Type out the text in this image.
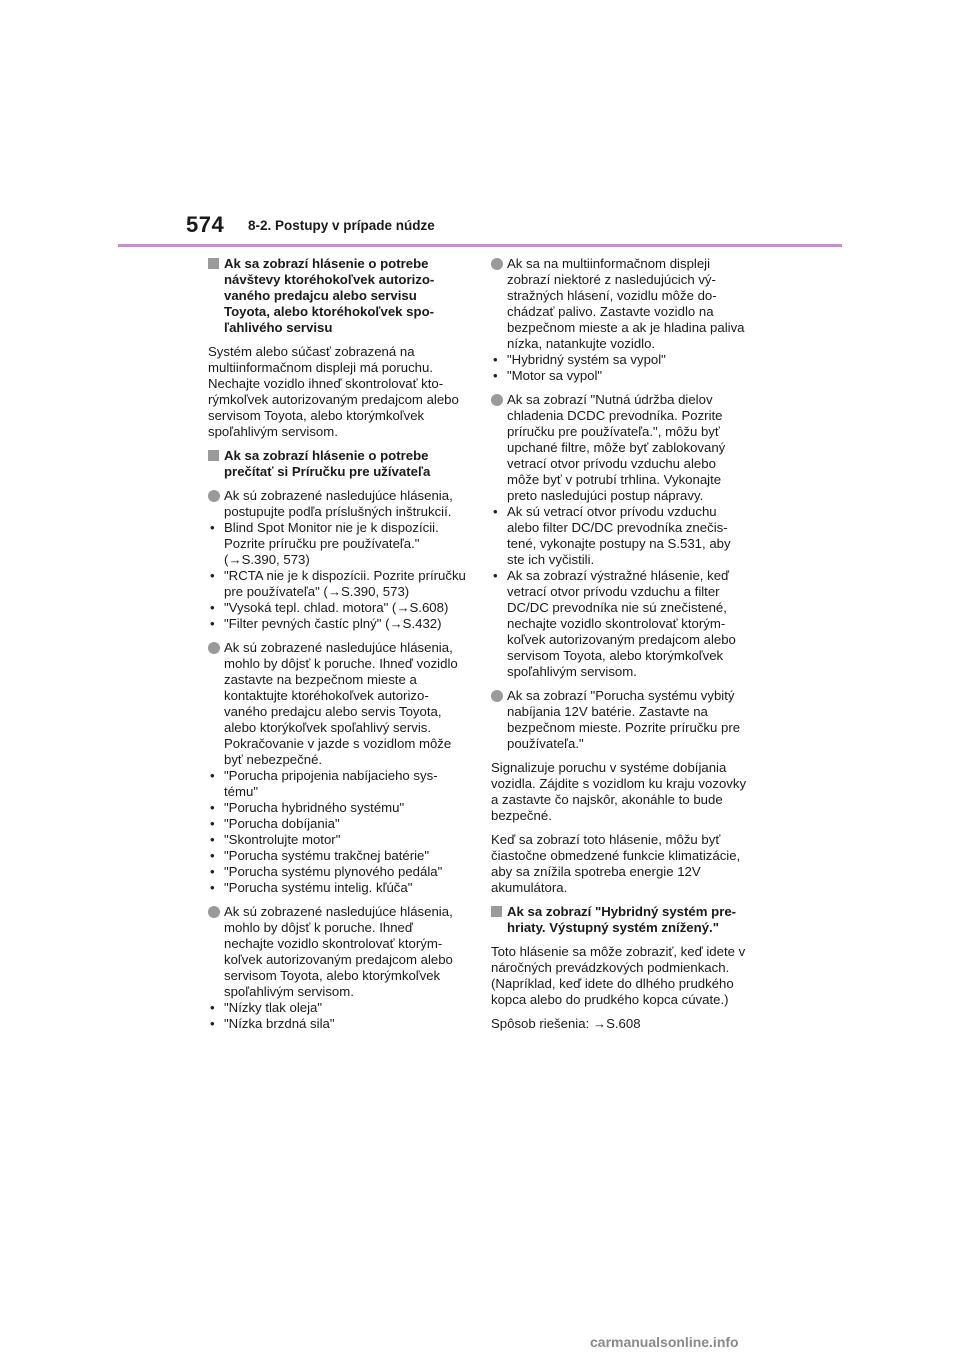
574 8-2. Postupy v prípade núdze
Ak sa zobrazí hlásenie o potrebe návštevy ktoréhokoľvek autorizovaného predajcu alebo servisu Toyota, alebo ktoréhokoľvek spoľahlivého servisu
Systém alebo súčasť zobrazená na multiinformačnom displeji má poruchu. Nechajte vozidlo ihneď skontrolovať ktorýmkoľvek autorizovaným predajcom alebo servisom Toyota, alebo ktorýmkoľvek spoľahlivým servisom.
Ak sa zobrazí hlásenie o potrebe prečítať si Príručku pre užívateľa
Ak sú zobrazené nasledujúce hlásenia, postupujte podľa príslušných inštrukcií.
• Blind Spot Monitor nie je k dispozícii. Pozrite príručku pre používateľa." (→S.390, 573)
• "RCTA nie je k dispozícii. Pozrite príručku pre používateľa" (→S.390, 573)
• "Vysoká tepl. chlad. motora" (→S.608)
• "Filter pevných častíc plný" (→S.432)
Ak sú zobrazené nasledujúce hlásenia, mohlo by dôjsť k poruche. Ihneď vozidlo zastavte na bezpečnom mieste a kontaktujte ktoréhokoľvek autorizovaného predajcu alebo servis Toyota, alebo ktorýkoľvek spoľahlivý servis. Pokračovanie v jazde s vozidlom môže byť nebezpečné.
• "Porucha pripojenia nabíjacieho systému"
• "Porucha hybridného systému"
• "Porucha dobíjania"
• "Skontrolujte motor"
• "Porucha systému trakčnej batérie"
• "Porucha systému plynového pedála"
• "Porucha systému intelig. kľúča"
Ak sú zobrazené nasledujúce hlásenia, mohlo by dôjsť k poruche. Ihneď nechajte vozidlo skontrolovať ktorýmkoľvek autorizovaným predajcom alebo servisom Toyota, alebo ktorýmkoľvek spoľahlivým servisom.
• "Nízky tlak oleja"
• "Nízka brzdná sila"
Ak sa na multiinformačnom displeji zobrazí niektoré z nasledujúcich výstražných hlásení, vozidlu môže dochádzať palivo. Zastavte vozidlo na bezpečnom mieste a ak je hladina paliva nízka, natankujte vozidlo.
• "Hybridný systém sa vypol"
• "Motor sa vypol"
Ak sa zobrazí "Nutná údržba dielov chladenia DCDC prevodníka. Pozrite príručku pre používateľa.", môžu byť upchané filtre, môže byť zablokovaný vetrací otvor prívodu vzduchu alebo môže byť v potrubí trhlina. Vykonajte preto nasledujúci postup nápravy.
• Ak sú vetrací otvor prívodu vzduchu alebo filter DC/DC prevodníka znečistené, vykonajte postupy na S.531, aby ste ich vyčistili.
• Ak sa zobrazí výstražné hlásenie, keď vetrací otvor prívodu vzduchu a filter DC/DC prevodníka nie sú znečistené, nechajte vozidlo skontrolovať ktorýmkoľvek autorizovaným predajcom alebo servisom Toyota, alebo ktorýmkoľvek spoľahlivým servisom.
Ak sa zobrazí "Porucha systému vybitý nabíjania 12V batérie. Zastavte na bezpečnom mieste. Pozrite príručku pre používateľa."
Signalizuje poruchu v systéme dobíjania vozidla. Zájdite s vozidlom ku kraju vozovky a zastavte čo najskôr, akonáhle to bude bezpečné.
Keď sa zobrazí toto hlásenie, môžu byť čiastočne obmedzené funkcie klimatizácie, aby sa znížila spotreba energie 12V akumulátora.
Ak sa zobrazí "Hybridný systém prehriaty. Výstupný systém znížený."
Toto hlásenie sa môže zobraziť, keď idete v náročných prevádzkových podmienkach. (Napríklad, keď idete do dlhého prudkého kopca alebo do prudkého kopca cúvate.)
Spôsob riešenia: →S.608
carmanualsonline.info
